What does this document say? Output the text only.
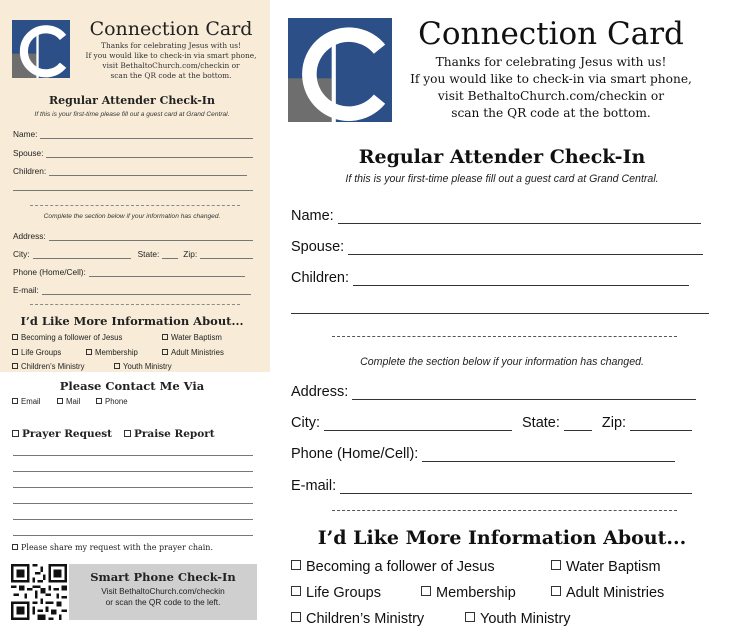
Connection Card
Thanks for celebrating Jesus with us!
If you would like to check-in via smart phone,
visit BethaltoChurch.com/checkin or
scan the QR code at the bottom.
Regular Attender Check-In
If this is your first-time please fill out a guest card at Grand Central.
Name:
Spouse:
Children:
Complete the section below if your information has changed.
Address:
City:	State:	Zip:
Phone (Home/Cell):
E-mail:
I’d Like More Information About...
Becoming a follower of Jesus	Water Baptism
Life Groups	Membership	Adult Ministries
Children’s Ministry	Youth Ministry
Please Contact Me Via
Email	Mail	Phone
Prayer Request	Praise Report
Please share my request with the prayer chain.
Smart Phone Check-In
Visit BethaltoChurch.com/checkin
or scan the QR code to the left.
Connection Card
Thanks for celebrating Jesus with us!
If you would like to check-in via smart phone,
visit BethaltoChurch.com/checkin or
scan the QR code at the bottom.
Regular Attender Check-In
If this is your first-time please fill out a guest card at Grand Central.
Name:
Spouse:
Children:
Complete the section below if your information has changed.
Address:
City:	State:	Zip:
Phone (Home/Cell):
E-mail:
I’d Like More Information About...
Becoming a follower of Jesus	Water Baptism
Life Groups	Membership	Adult Ministries
Children’s Ministry	Youth Ministry
